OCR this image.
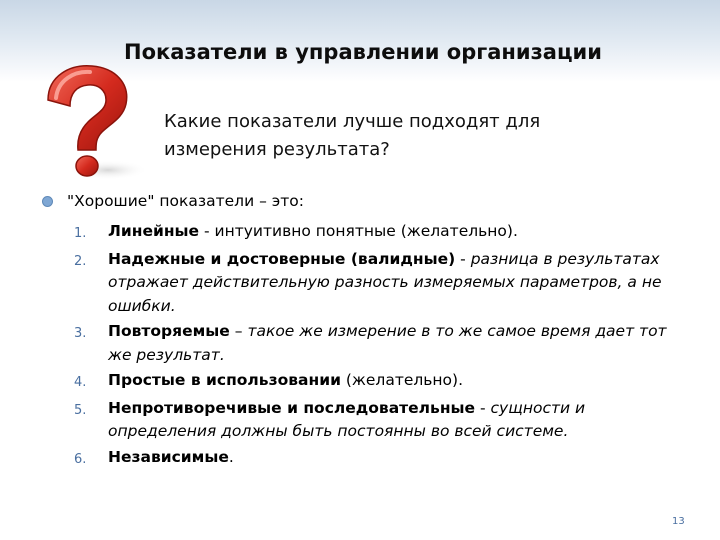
Показатели в управлении организации
Какие показатели лучше подходят для
измерения результата?
"Хорошие" показатели – это:
1.	Линейные - интуитивно понятные (желательно).
2.	Надежные и достоверные (валидные) - разница в результатах отражает действительную разность измеряемых параметров, а не ошибки.
3.	Повторяемые – такое же измерение в то же самое время дает тот же результат.
4.	Простые в использовании (желательно).
5.	Непротиворечивые и последовательные - сущности и определения должны быть постоянны во всей системе.
6.	Независимые.
13
